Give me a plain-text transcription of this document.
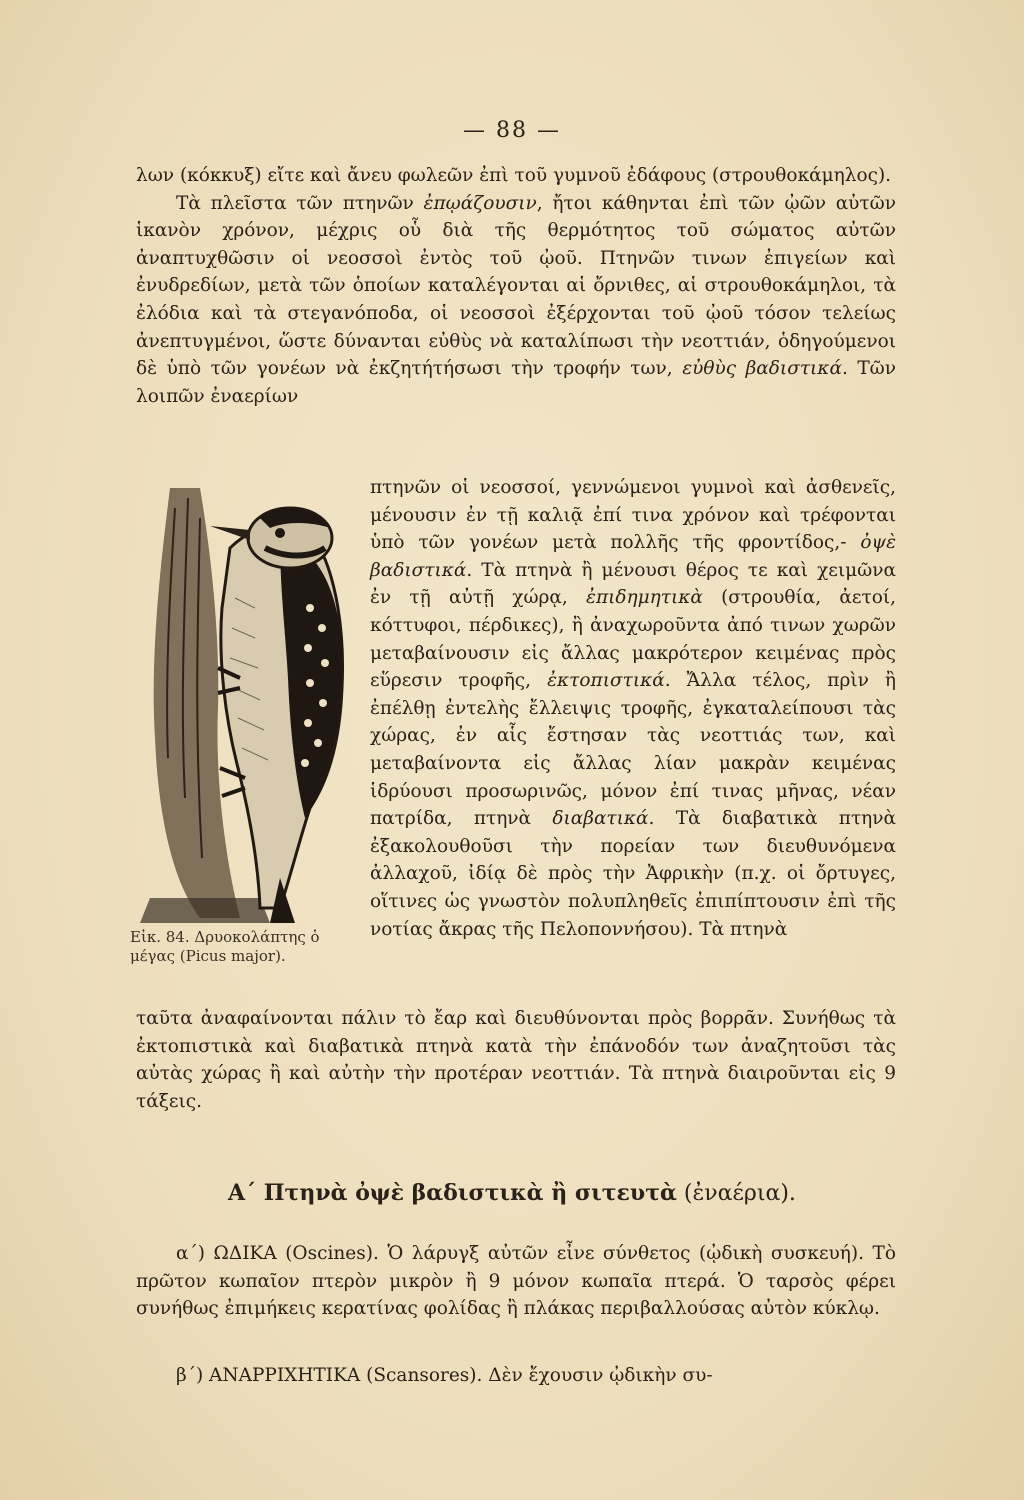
— 88 —

λων (κόκκυξ) εἴτε καὶ ἄνευ φωλεῶν ἐπὶ τοῦ γυμνοῦ ἐδάφους (στρουθοκάμηλος).

Τὰ πλεῖστα τῶν πτηνῶν ἐπῳάζουσιν, ἤτοι κάθηνται ἐπὶ τῶν ᾠῶν αὐτῶν ἱκανὸν χρόνον, μέχρις οὗ διὰ τῆς θερμότητος τοῦ σώματος αὐτῶν ἀναπτυχθῶσιν οἱ νεοσσοὶ ἐντὸς τοῦ ᾠοῦ. Πτηνῶν τινων ἐπιγείων καὶ ἐνυδρεδίων, μετὰ τῶν ὁποίων καταλέγονται αἱ ὄρνιθες, αἱ στρουθοκάμηλοι, τὰ ἐλόδια καὶ τὰ στεγανόποδα, οἱ νεοσσοὶ ἐξέρχονται τοῦ ᾠοῦ τόσον τελείως ἀνεπτυγμένοι, ὥστε δύνανται εὐθὺς νὰ καταλίπωσι τὴν νεοττιάν, ὁδηγούμενοι δὲ ὑπὸ τῶν γονέων νὰ ἐκζητήτήσωσι τὴν τροφήν των, εὐθὺς βαδιστικά. Τῶν λοιπῶν ἐναερίων

Εἰκ. 84. Δρυοκολάπτης ὁ μέγας (Picus major).
πτηνῶν οἱ νεοσσοί, γεννώμενοι γυμνοὶ καὶ ἀσθενεῖς, μένουσιν ἐν τῇ καλιᾷ ἐπί τινα χρόνον καὶ τρέφονται ὑπὸ τῶν γονέων μετὰ πολλῆς τῆς φροντίδος,- ὀψὲ βαδιστικά. Τὰ πτηνὰ ἢ μένουσι θέρος τε καὶ χειμῶνα ἐν τῇ αὐτῇ χώρᾳ, ἐπιδημητικὰ (στρουθία, ἀετοί, κόττυφοι, πέρδικες), ἢ ἀναχωροῦντα ἀπό τινων χωρῶν μεταβαίνουσιν εἰς ἄλλας μακρότερον κειμένας πρὸς εὕρεσιν τροφῆς, ἐκτοπιστικά. Ἄλλα τέλος, πρὶν ἢ ἐπέλθῃ ἐντελὴς ἔλλειψις τροφῆς, ἐγκαταλείπουσι τὰς χώρας, ἐν αἷς ἔστησαν τὰς νεοττιάς των, καὶ μεταβαίνοντα εἰς ἄλλας λίαν μακρὰν κειμένας ἱδρύουσι προσωρινῶς, μόνον ἐπί τινας μῆνας, νέαν πατρίδα, πτηνὰ διαβατικά. Τὰ διαβατικὰ πτηνὰ ἐξακολουθοῦσι τὴν πορείαν των διευθυνόμενα ἀλλαχοῦ, ἰδίᾳ δὲ πρὸς τὴν Ἀφρικὴν (π.χ. οἱ ὄρτυγες, οἵτινες ὡς γνωστὸν πολυπληθεῖς ἐπιπίπτουσιν ἐπὶ τῆς νοτίας ἄκρας τῆς Πελοποννήσου). Τὰ πτηνὰ
ταῦτα ἀναφαίνονται πάλιν τὸ ἔαρ καὶ διευθύνονται πρὸς βορρᾶν. Συνήθως τὰ ἐκτοπιστικὰ καὶ διαβατικὰ πτηνὰ κατὰ τὴν ἐπάνοδόν των ἀναζητοῦσι τὰς αὐτὰς χώρας ἢ καὶ αὐτὴν τὴν προτέραν νεοττιάν. Τὰ πτηνὰ διαιροῦνται εἰς 9 τάξεις.
Α΄ Πτηνὰ ὀψὲ βαδιστικὰ ἢ σιτευτὰ (ἐναέρια).
α΄) ΩΔΙΚΑ (Oscines). Ὁ λάρυγξ αὐτῶν εἶνε σύνθετος (ᾠδικὴ συσκευή). Τὸ πρῶτον κωπαῖον πτερὸν μικρὸν ἢ 9 μόνον κωπαῖα πτερά. Ὁ ταρσὸς φέρει συνήθως ἐπιμήκεις κερατίνας φολίδας ἢ πλάκας περιβαλλούσας αὐτὸν κύκλῳ.
β΄) ΑΝΑΡΡΙΧΗΤΙΚΑ (Scansores). Δὲν ἔχουσιν ᾠδικὴν συ-
